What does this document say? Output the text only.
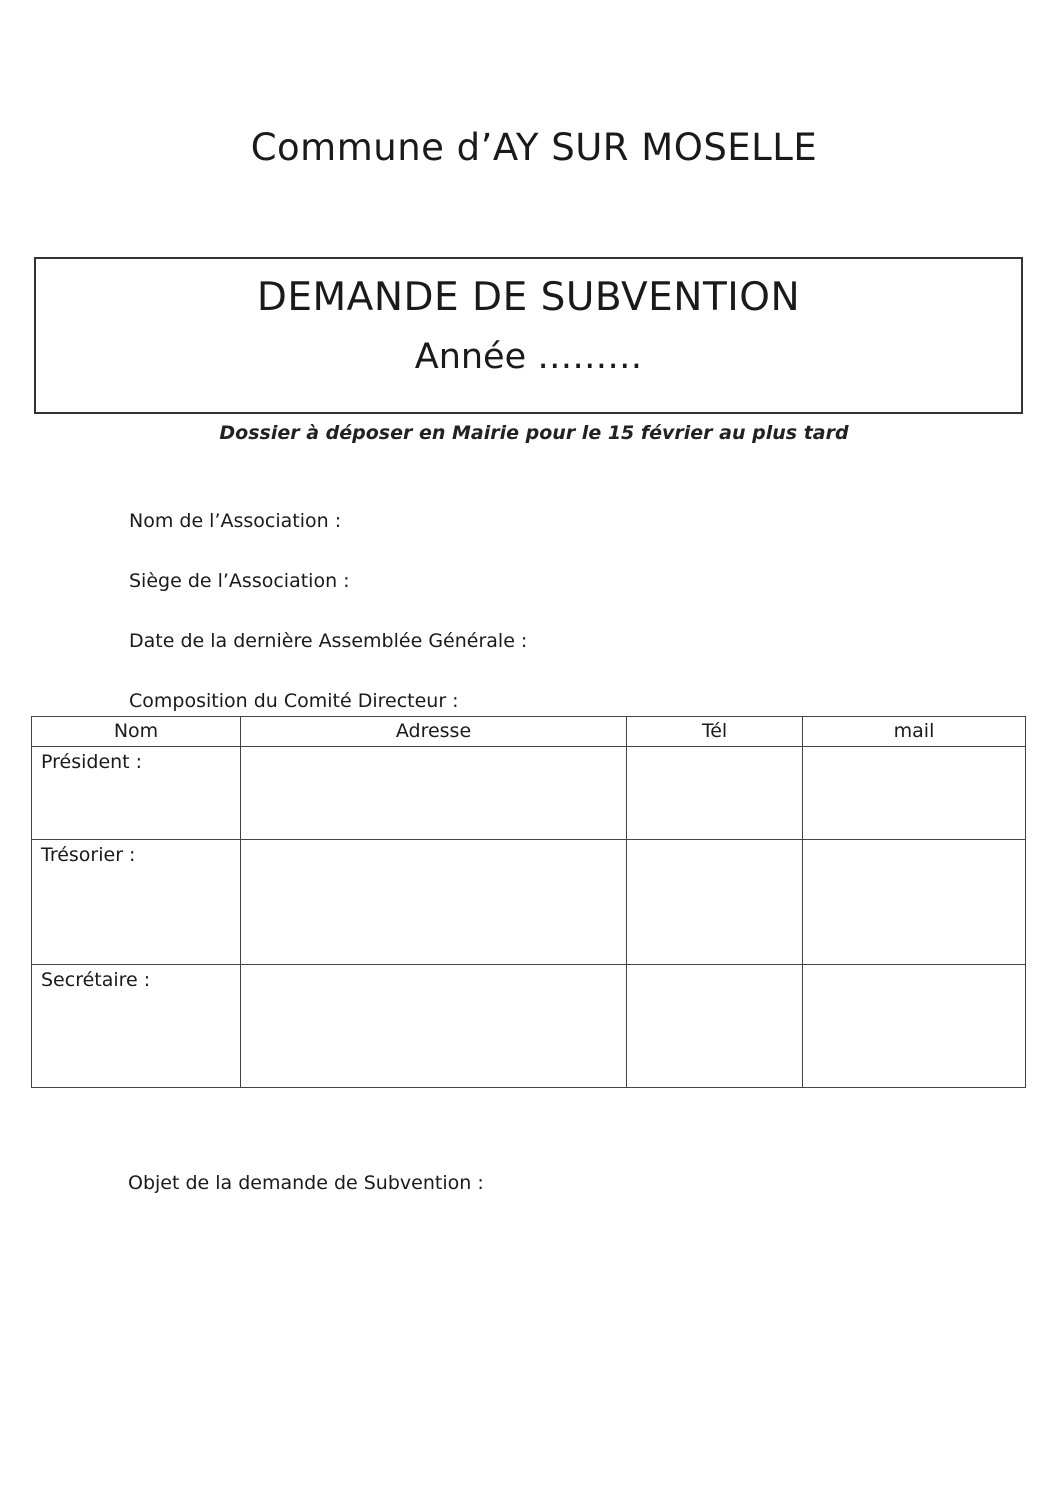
Commune d’AY SUR MOSELLE
DEMANDE DE SUBVENTION
Année ………
Dossier à déposer en Mairie pour le 15 février au plus tard
Nom de l’Association :
Siège de l’Association :
Date de la dernière Assemblée Générale :
Composition du Comité Directeur :
Nom	Adresse	Tél	mail
Président :			
Trésorier :			
Secrétaire :			
Objet de la demande de Subvention :
